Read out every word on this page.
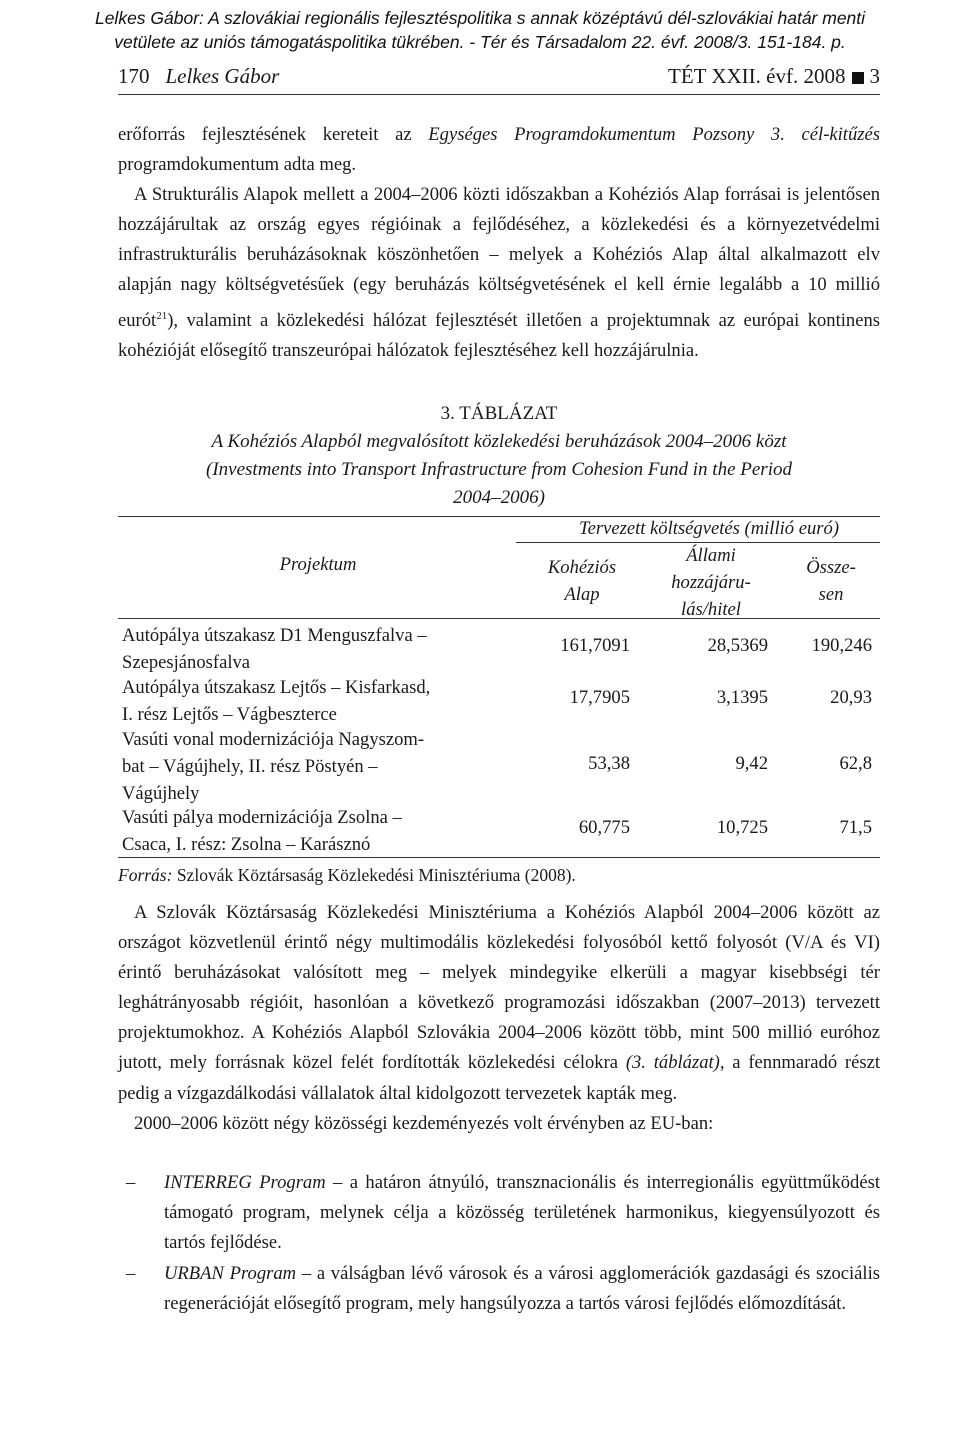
Lelkes Gábor: A szlovákiai regionális fejlesztéspolitika s annak középtávú dél-szlovákiai határ menti
vetülete az uniós támogatáspolitika tükrében. - Tér és Társadalom 22. évf. 2008/3. 151-184. p.
170 Lelkes Gábor	TÉT XXII. évf. 2008 3

erőforrás fejlesztésének kereteit az Egységes Programdokumentum Pozsony 3. cél-kitűzés programdokumentum adta meg.

A Strukturális Alapok mellett a 2004–2006 közti időszakban a Kohéziós Alap forrásai is jelentősen hozzájárultak az ország egyes régióinak a fejlődéséhez, a közlekedési és a környezetvédelmi infrastrukturális beruházásoknak köszönhetően – melyek a Kohéziós Alap által alkalmazott elv alapján nagy költségvetésűek (egy beruházás költségvetésének el kell érnie legalább a 10 millió eurót$^{21}$), valamint a közlekedési hálózat fejlesztését illetően a projektumnak az európai kontinens kohézióját elősegítő transzeurópai hálózatok fejlesztéséhez kell hozzájárulnia.

3. TÁBLÁZAT
A Kohéziós Alapból megvalósított közlekedési beruházások 2004–2006 közt
(Investments into Transport Infrastructure from Cohesion Fund in the Period
2004–2006)
Tervezett költségvetés (millió euró)
Projektum	Kohéziós
Alap
Állami
hozzájáru-
lás/hitel
Össze-
sen
Autópálya útszakasz D1 Menguszfalva –
Szepesjánosfalva
161,7091	28,5369 190,246
Autópálya útszakasz Lejtős – Kisfarkasd,
I. rész Lejtős – Vágbeszterce
17,7905	3,1395	20,93
Vasúti vonal modernizációja Nagyszom-
bat – Vágújhely, II. rész Pöstyén –
Vágújhely
53,38	9,42	62,8
Vasúti pálya modernizációja Zsolna –
Csaca, I. rész: Zsolna – Karásznó
60,775	10,725	71,5
Forrás: Szlovák Köztársaság Közlekedési Minisztériuma (2008).

A Szlovák Köztársaság Közlekedési Minisztériuma a Kohéziós Alapból 2004–2006 között az országot közvetlenül érintő négy multimodális közlekedési folyosóból kettő folyosót (V/A és VI) érintő beruházásokat valósított meg – melyek mindegyike elkerüli a magyar kisebbségi tér leghátrányosabb régióit, hasonlóan a következő programozási időszakban (2007–2013) tervezett projektumokhoz. A Kohéziós Alapból Szlovákia 2004–2006 között több, mint 500 millió euróhoz jutott, mely forrásnak közel felét fordították közlekedési célokra (3. táblázat), a fennmaradó részt pedig a vízgazdálkodási vállalatok által kidolgozott tervezetek kapták meg.

2000–2006 között négy közösségi kezdeményezés volt érvényben az EU-ban:

– INTERREG Program – a határon átnyúló, transznacionális és interregionális együttműködést támogató program, melynek célja a közösség területének harmonikus, kiegyensúlyozott és tartós fejlődése.
– URBAN Program – a válságban lévő városok és a városi agglomerációk gazdasági és szociális regenerációját elősegítő program, mely hangsúlyozza a tartós városi fejlődés előmozdítását.
